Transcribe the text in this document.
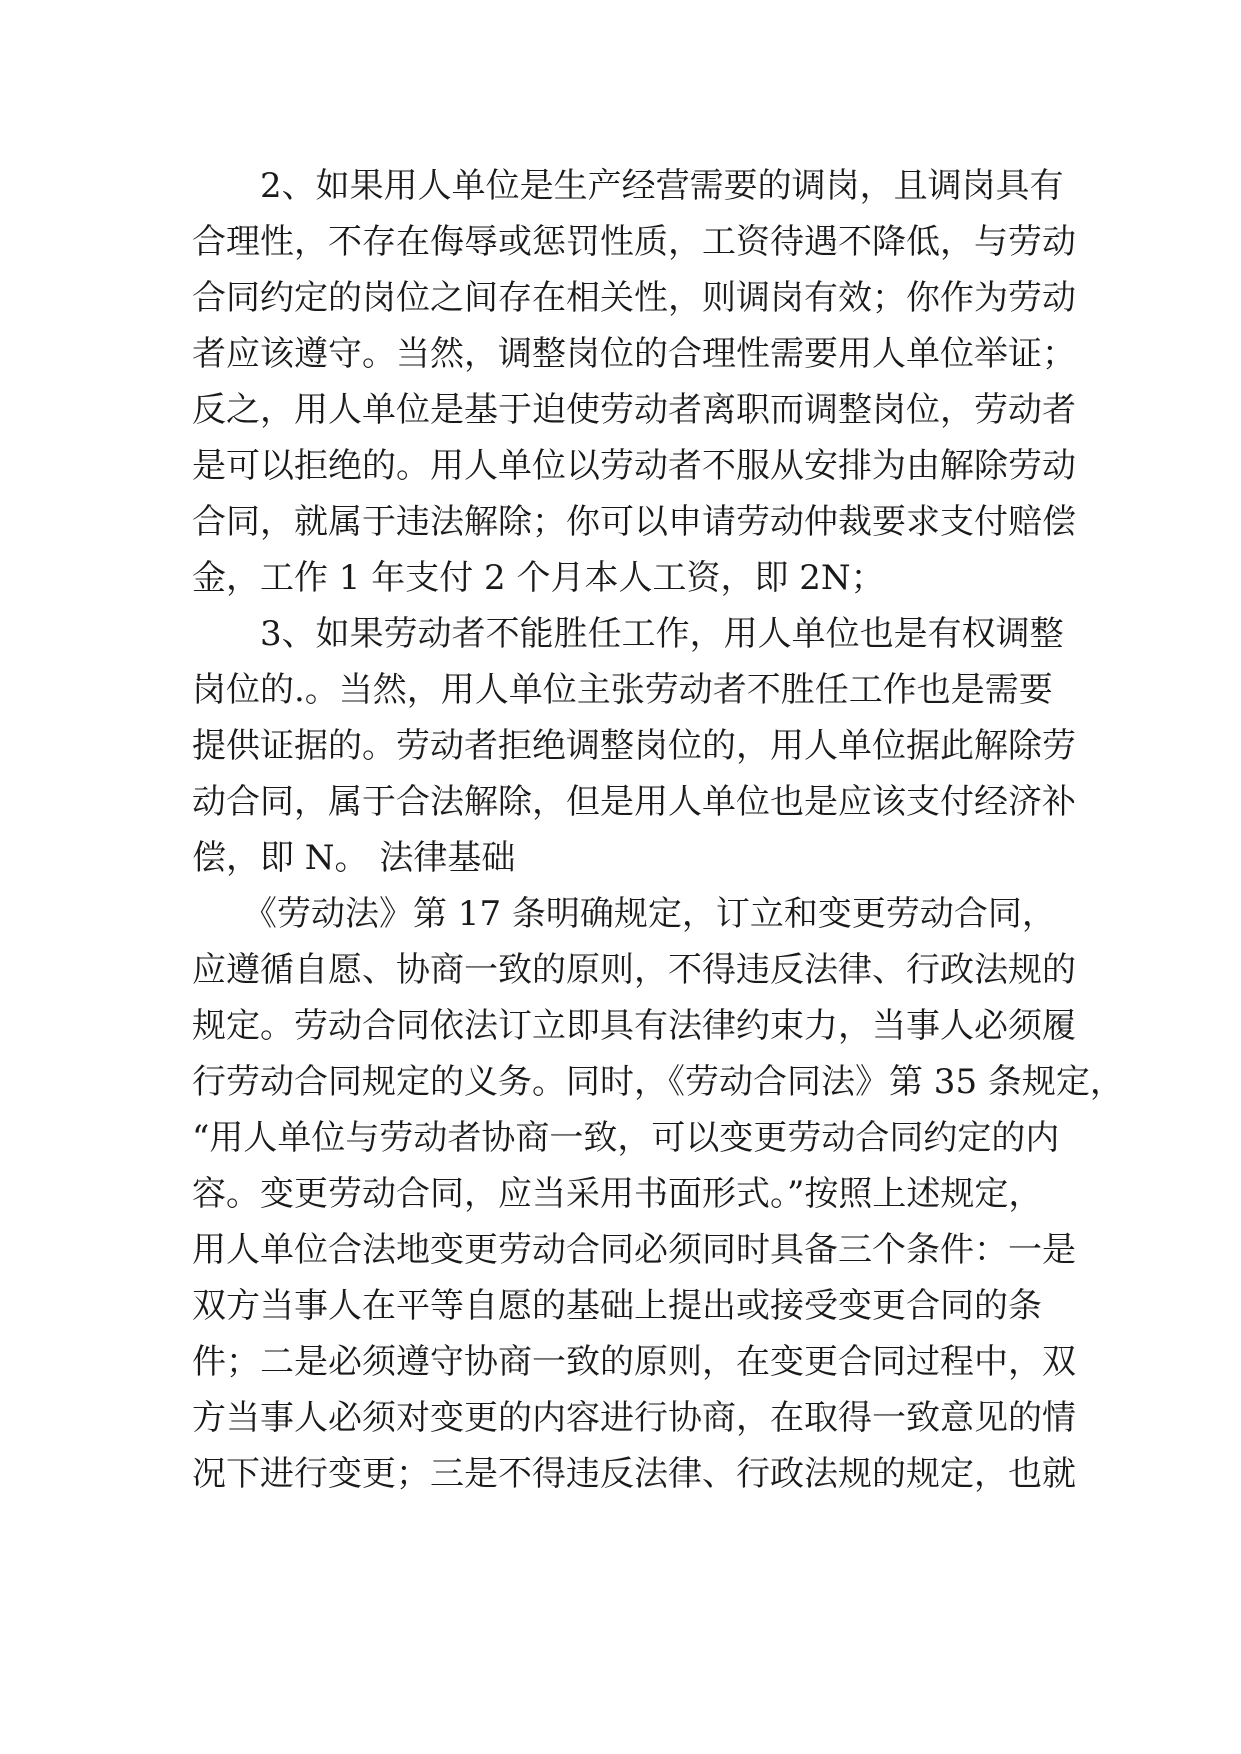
　　2、如果用人单位是生产经营需要的调岗，且调岗具有
合理性，不存在侮辱或惩罚性质，工资待遇不降低，与劳动
合同约定的岗位之间存在相关性，则调岗有效；你作为劳动
者应该遵守。当然，调整岗位的合理性需要用人单位举证；
反之，用人单位是基于迫使劳动者离职而调整岗位，劳动者
是可以拒绝的。用人单位以劳动者不服从安排为由解除劳动
合同，就属于违法解除；你可以申请劳动仲裁要求支付赔偿
金，工作 1 年支付 2 个月本人工资，即 2N；
　　3、如果劳动者不能胜任工作，用人单位也是有权调整
岗位的.。当然，用人单位主张劳动者不胜任工作也是需要
提供证据的。劳动者拒绝调整岗位的，用人单位据此解除劳
动合同，属于合法解除，但是用人单位也是应该支付经济补
偿，即 N。 法律基础
　　《劳动法》第 17 条明确规定，订立和变更劳动合同，
应遵循自愿、协商一致的原则，不得违反法律、行政法规的
规定。劳动合同依法订立即具有法律约束力，当事人必须履
行劳动合同规定的义务。同时，《劳动合同法》第 35 条规定，
“用人单位与劳动者协商一致，可以变更劳动合同约定的内
容。变更劳动合同，应当采用书面形式。”按照上述规定，
用人单位合法地变更劳动合同必须同时具备三个条件：一是
双方当事人在平等自愿的基础上提出或接受变更合同的条
件；二是必须遵守协商一致的原则，在变更合同过程中，双
方当事人必须对变更的内容进行协商，在取得一致意见的情
况下进行变更；三是不得违反法律、行政法规的规定，也就
